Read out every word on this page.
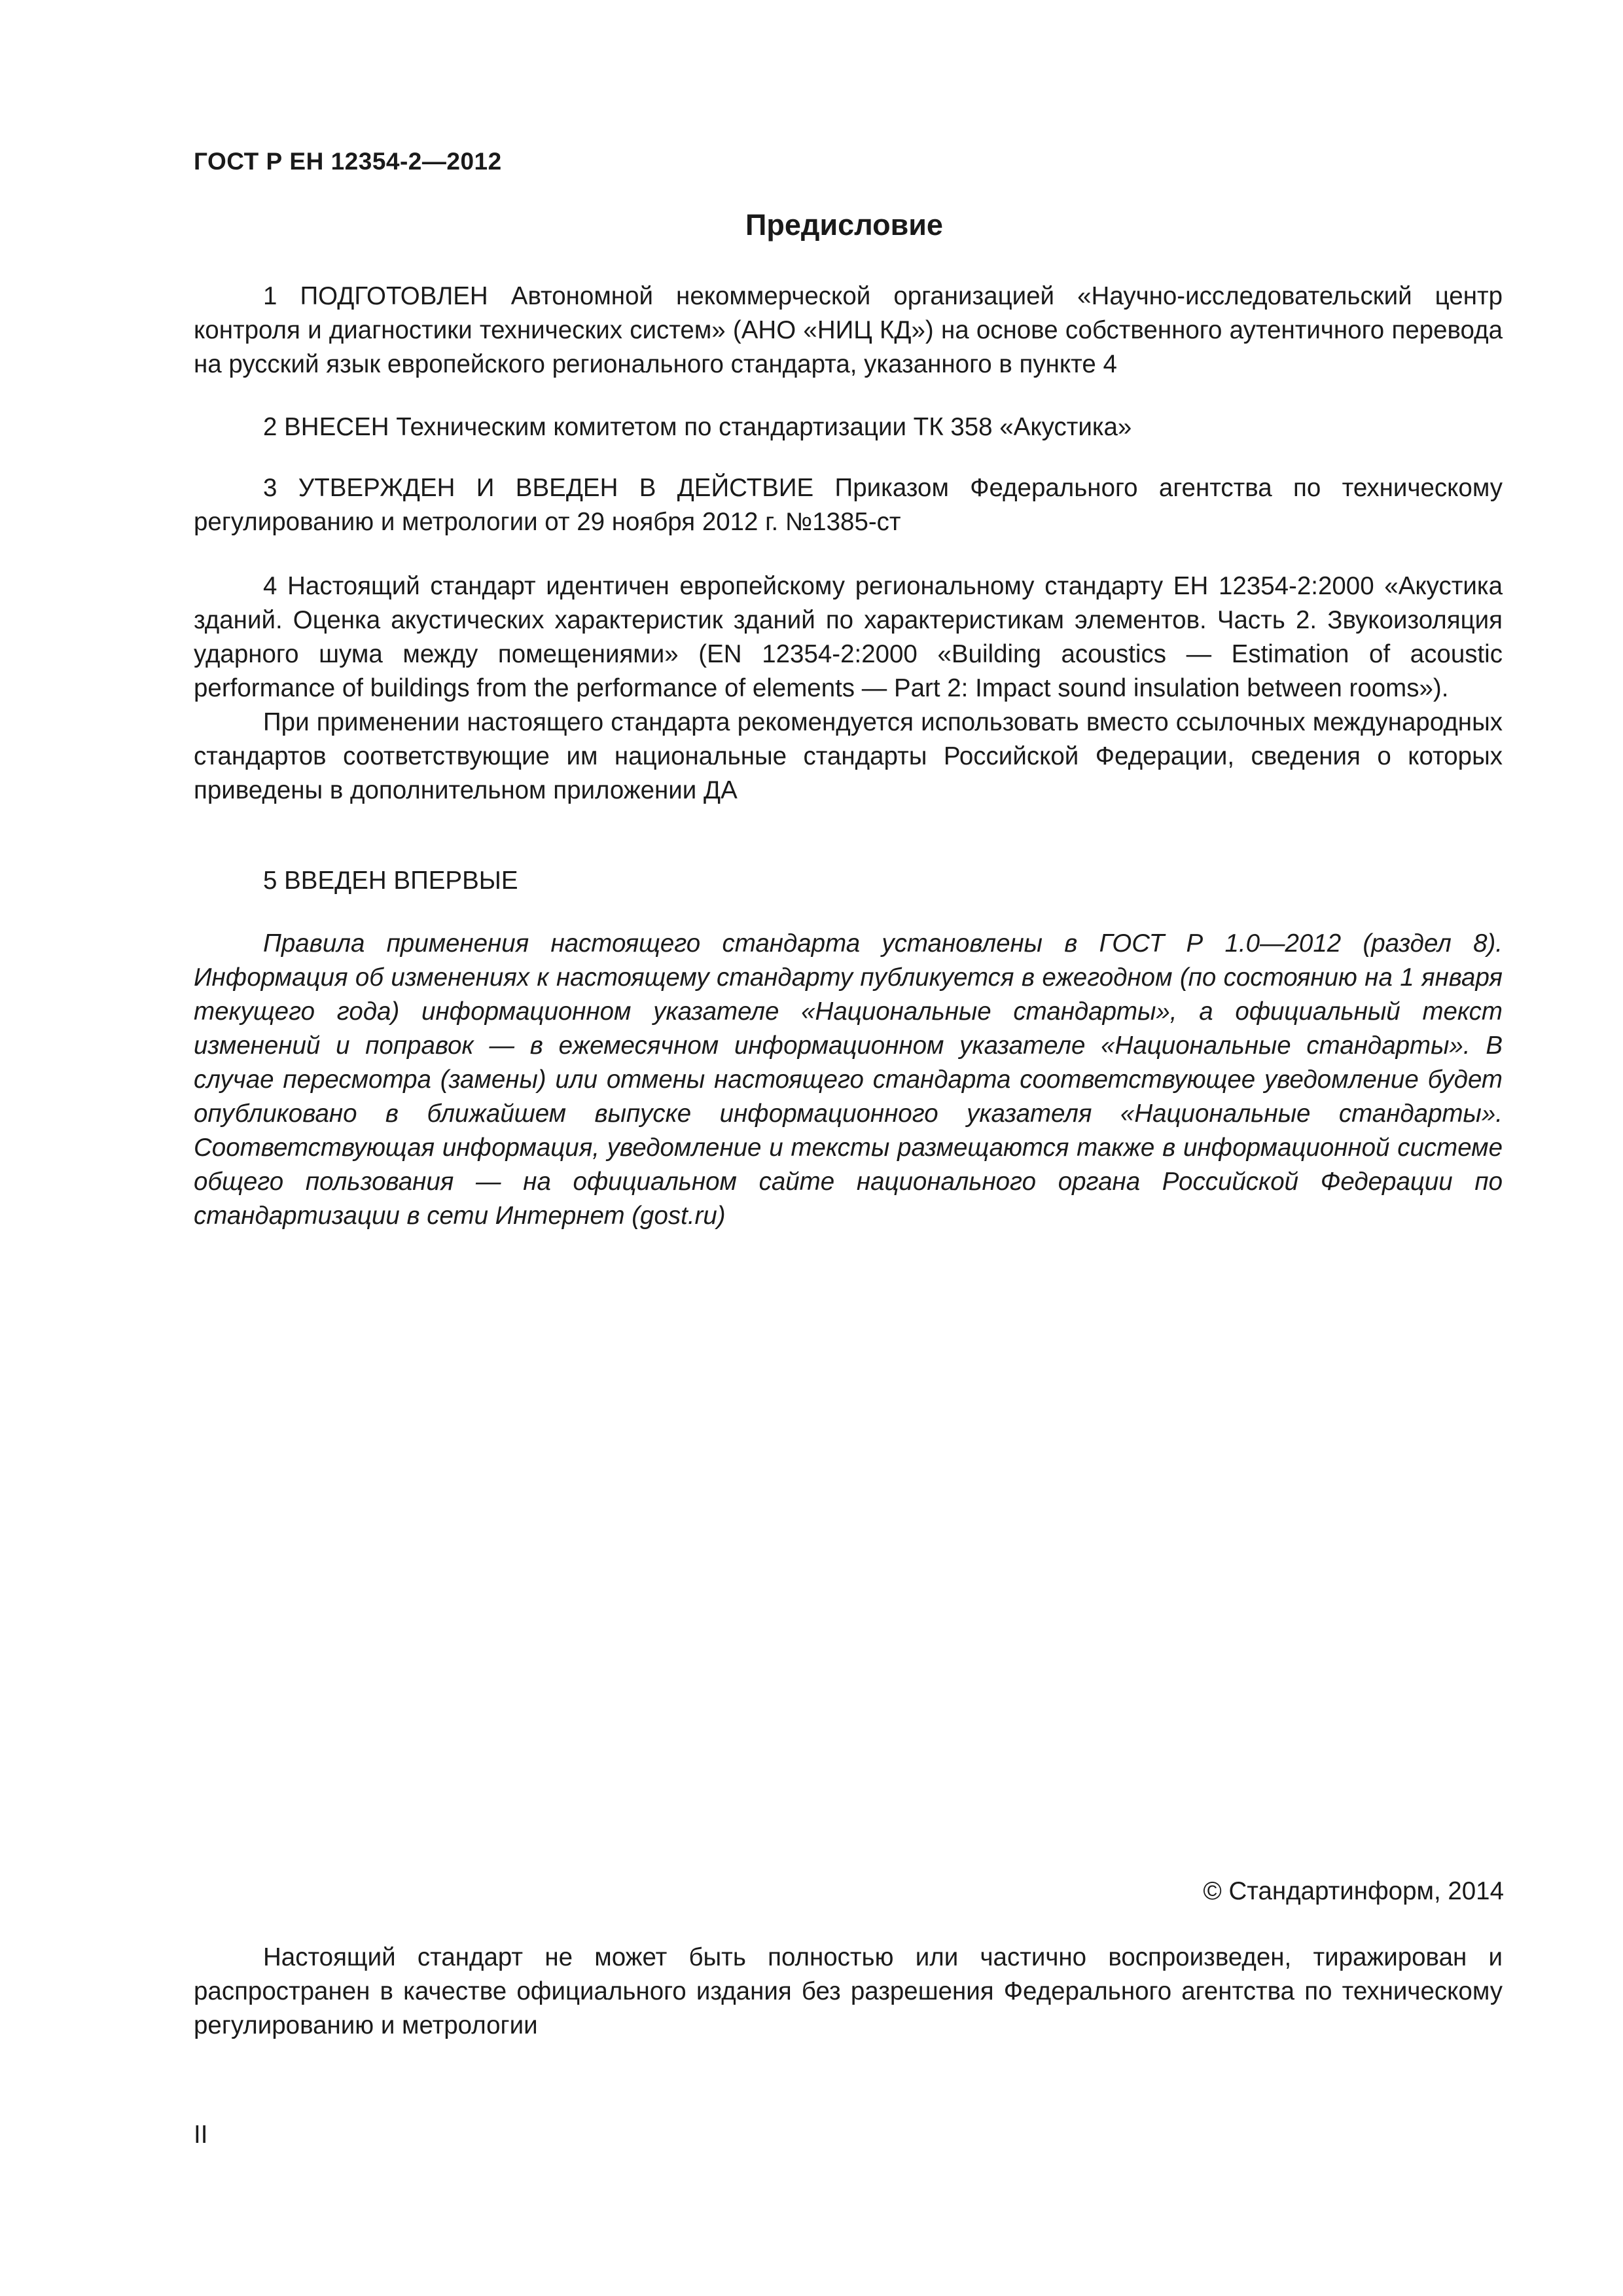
ГОСТ Р ЕН 12354-2—2012
Предисловие

1 ПОДГОТОВЛЕН Автономной некоммерческой организацией «Научно-исследовательский центр контроля и диагностики технических систем» (АНО «НИЦ КД») на основе собственного аутентичного перевода на русский язык европейского регионального стандарта, указанного в пункте 4

2 ВНЕСЕН Техническим комитетом по стандартизации ТК 358 «Акустика»

3 УТВЕРЖДЕН И ВВЕДЕН В ДЕЙСТВИЕ Приказом Федерального агентства по техническому регулированию и метрологии от 29 ноября 2012 г. №1385-ст

4 Настоящий стандарт идентичен европейскому региональному стандарту ЕН 12354-2:2000 «Акустика зданий. Оценка акустических характеристик зданий по характеристикам элементов. Часть 2. Звукоизоляция ударного шума между помещениями» (EN 12354-2:2000 «Building acoustics — Estimation of acoustic performance of buildings from the performance of elements — Part 2: Impact sound insulation between rooms»).

При применении настоящего стандарта рекомендуется использовать вместо ссылочных международных стандартов соответствующие им национальные стандарты Российской Федерации, сведения о которых приведены в дополнительном приложении ДА

5 ВВЕДЕН ВПЕРВЫЕ

Правила применения настоящего стандарта установлены в ГОСТ Р 1.0—2012 (раздел 8). Информация об изменениях к настоящему стандарту публикуется в ежегодном (по состоянию на 1 января текущего года) информационном указателе «Национальные стандарты», а официальный текст изменений и поправок — в ежемесячном информационном указателе «Национальные стандарты». В случае пересмотра (замены) или отмены настоящего стандарта соответствующее уведомление будет опубликовано в ближайшем выпуске информационного указателя «Национальные стандарты». Соответствующая информация, уведомление и тексты размещаются также в информационной системе общего пользования — на официальном сайте национального органа Российской Федерации по стандартизации в сети Интернет (gost.ru)

© Стандартинформ, 2014

Настоящий стандарт не может быть полностью или частично воспроизведен, тиражирован и распространен в качестве официального издания без разрешения Федерального агентства по техническому регулированию и метрологии

II
